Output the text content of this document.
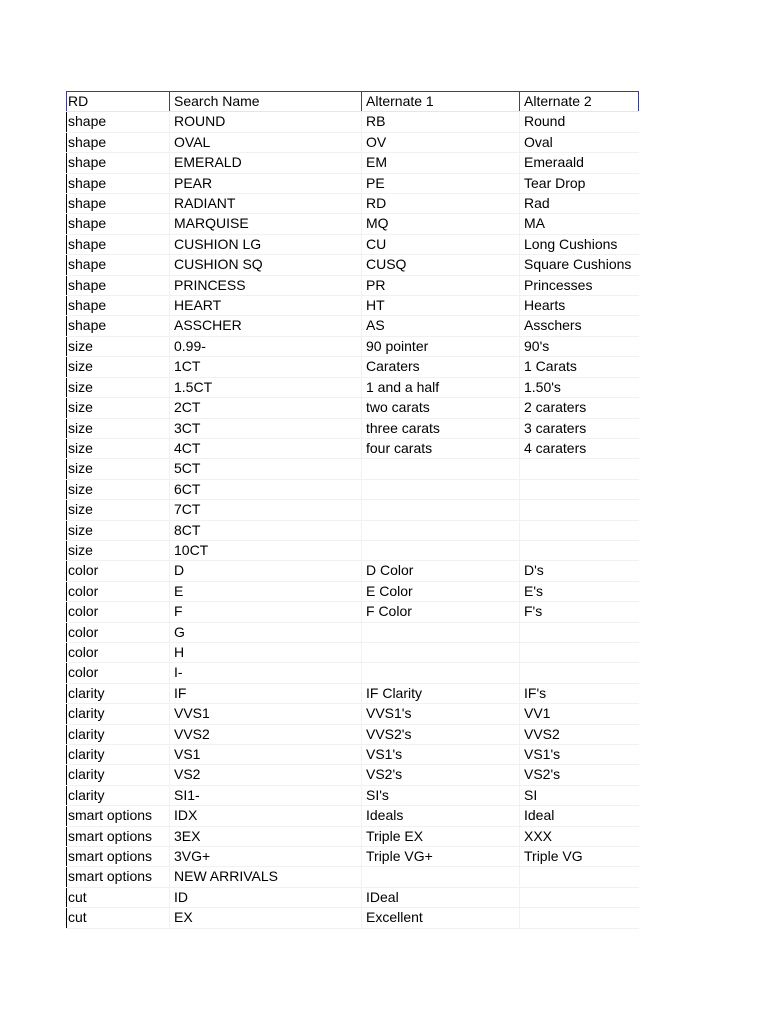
RD	Search Name	Alternate 1	Alternate 2
shape	ROUND	RB	Round
shape	OVAL	OV	Oval
shape	EMERALD	EM	Emeraald
shape	PEAR	PE	Tear Drop
shape	RADIANT	RD	Rad
shape	MARQUISE	MQ	MA
shape	CUSHION LG	CU	Long Cushions
shape	CUSHION SQ	CUSQ	Square Cushions
shape	PRINCESS	PR	Princesses
shape	HEART	HT	Hearts
shape	ASSCHER	AS	Asschers
size	0.99-	90 pointer	90's
size	1CT	Caraters	1 Carats
size	1.5CT	1 and a half	1.50's
size	2CT	two carats	2 caraters
size	3CT	three carats	3 caraters
size	4CT	four carats	4 caraters
size	5CT		
size	6CT		
size	7CT		
size	8CT		
size	10CT		
color	D	D Color	D's
color	E	E Color	E's
color	F	F Color	F's
color	G		
color	H		
color	I-		
clarity	IF	IF Clarity	IF's
clarity	VVS1	VVS1's	VV1
clarity	VVS2	VVS2's	VVS2
clarity	VS1	VS1's	VS1's
clarity	VS2	VS2's	VS2's
clarity	SI1-	SI's	SI
smart options	IDX	Ideals	Ideal
smart options	3EX	Triple EX	XXX
smart options	3VG+	Triple VG+	Triple VG
smart options	NEW ARRIVALS		
cut	ID	IDeal	
cut	EX	Excellent	
